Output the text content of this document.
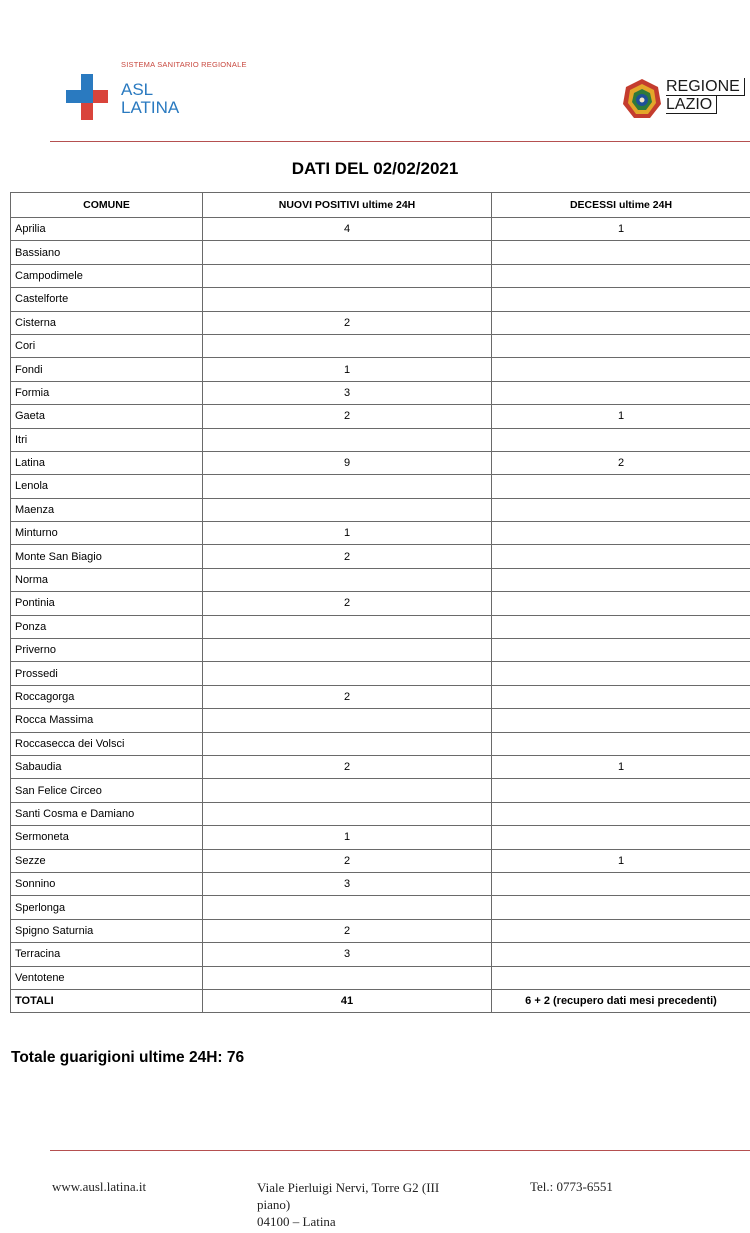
SISTEMA SANITARIO REGIONALE
ASL
LATINA
REGIONE
LAZIO
DATI DEL 02/02/2021
COMUNE	NUOVI POSITIVI ultime 24H	DECESSI ultime 24H
Aprilia	4	1
Bassiano		
Campodimele		
Castelforte		
Cisterna	2	
Cori		
Fondi	1	
Formia	3	
Gaeta	2	1
Itri		
Latina	9	2
Lenola		
Maenza		
Minturno	1	
Monte San Biagio	2	
Norma		
Pontinia	2	
Ponza		
Priverno		
Prossedi		
Roccagorga	2	
Rocca Massima		
Roccasecca dei Volsci		
Sabaudia	2	1
San Felice Circeo		
Santi Cosma e Damiano		
Sermoneta	1	
Sezze	2	1
Sonnino	3	
Sperlonga		
Spigno Saturnia	2	
Terracina	3	
Ventotene		
TOTALI	41	6 + 2 (recupero dati mesi precedenti)
Totale guarigioni ultime 24H: 76
www.ausl.latina.it	Viale Pierluigi Nervi, Torre G2 (III
piano)
04100 – Latina
Tel.: 0773-6551
